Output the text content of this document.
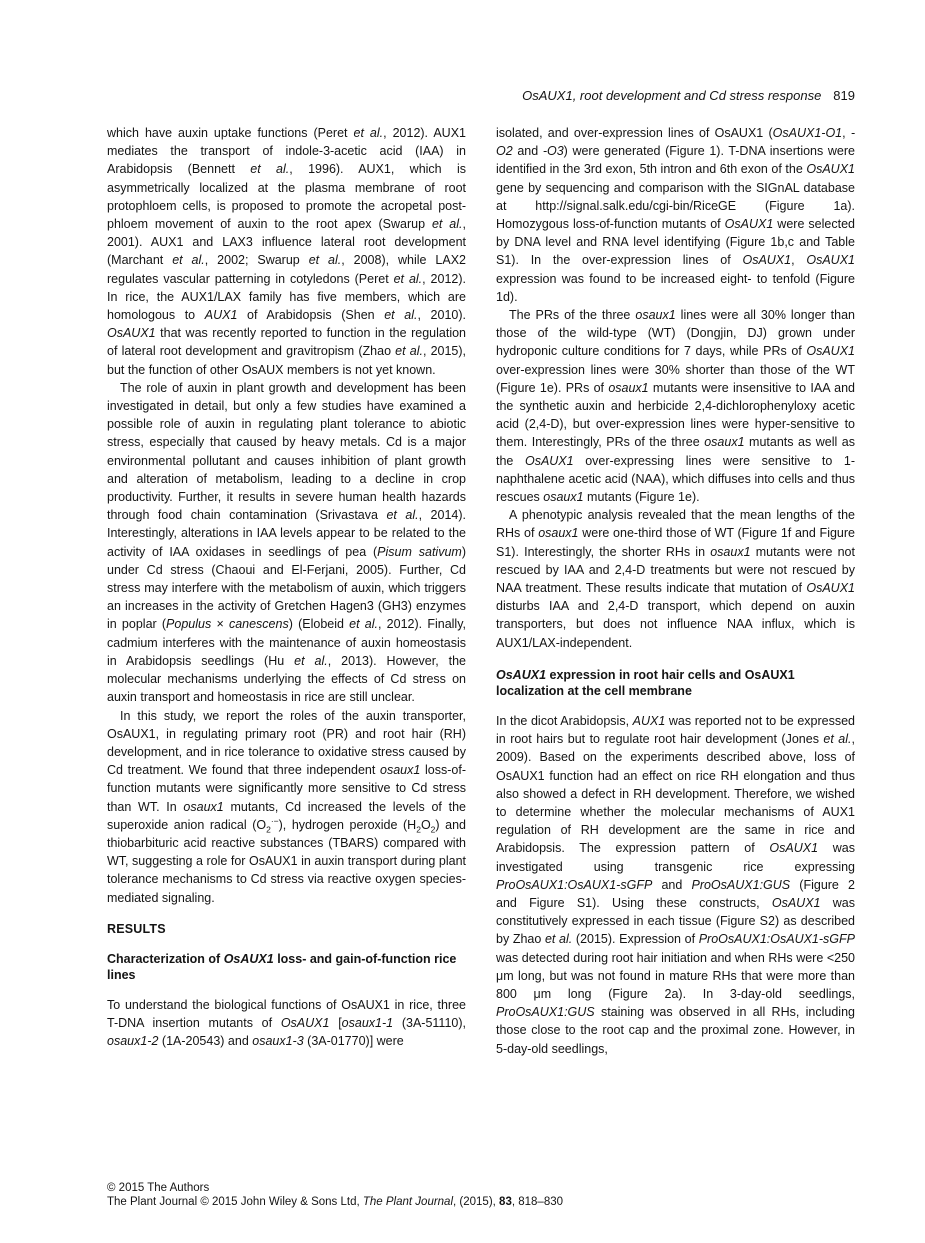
OsAUX1, root development and Cd stress response 819

which have auxin uptake functions (Peret et al., 2012). AUX1 mediates the transport of indole-3-acetic acid (IAA) in Arabidopsis (Bennett et al., 1996). AUX1, which is asymmetrically localized at the plasma membrane of root protophloem cells, is proposed to promote the acropetal post-phloem movement of auxin to the root apex (Swarup et al., 2001). AUX1 and LAX3 influence lateral root development (Marchant et al., 2002; Swarup et al., 2008), while LAX2 regulates vascular patterning in cotyledons (Peret et al., 2012). In rice, the AUX1/LAX family has five members, which are homologous to AUX1 of Arabidopsis (Shen et al., 2010). OsAUX1 that was recently reported to function in the regulation of lateral root development and gravitropism (Zhao et al., 2015), but the function of other OsAUX members is not yet known.

The role of auxin in plant growth and development has been investigated in detail, but only a few studies have examined a possible role of auxin in regulating plant tolerance to abiotic stress, especially that caused by heavy metals. Cd is a major environmental pollutant and causes inhibition of plant growth and alteration of metabolism, leading to a decline in crop productivity. Further, it results in severe human health hazards through food chain contamination (Srivastava et al., 2014). Interestingly, alterations in IAA levels appear to be related to the activity of IAA oxidases in seedlings of pea (Pisum sativum) under Cd stress (Chaoui and El-Ferjani, 2005). Further, Cd stress may interfere with the metabolism of auxin, which triggers an increases in the activity of Gretchen Hagen3 (GH3) enzymes in poplar (Populus × canescens) (Elobeid et al., 2012). Finally, cadmium interferes with the maintenance of auxin homeostasis in Arabidopsis seedlings (Hu et al., 2013). However, the molecular mechanisms underlying the effects of Cd stress on auxin transport and homeostasis in rice are still unclear.

In this study, we report the roles of the auxin transporter, OsAUX1, in regulating primary root (PR) and root hair (RH) development, and in rice tolerance to oxidative stress caused by Cd treatment. We found that three independent osaux1 loss-of-function mutants were significantly more sensitive to Cd stress than WT. In osaux1 mutants, Cd increased the levels of the superoxide anion radical $(O_2^{\cdot-})$, hydrogen peroxide $(H_2O_2)$ and thiobarbituric acid reactive substances (TBARS) compared with WT, suggesting a role for OsAUX1 in auxin transport during plant tolerance mechanisms to Cd stress via reactive oxygen species-mediated signaling.

RESULTS
Characterization of OsAUX1 loss- and gain-of-function rice lines

To understand the biological functions of OsAUX1 in rice, three T-DNA insertion mutants of OsAUX1 [osaux1-1 (3A-51110), osaux1-2 (1A-20543) and osaux1-3 (3A-01770)] were

isolated, and over-expression lines of OsAUX1 (OsAUX1-O1, -O2 and -O3) were generated (Figure 1). T-DNA insertions were identified in the 3rd exon, 5th intron and 6th exon of the OsAUX1 gene by sequencing and comparison with the SIGnAL database at http://signal.salk.edu/cgi-bin/RiceGE (Figure 1a). Homozygous loss-of-function mutants of OsAUX1 were selected by DNA level and RNA level identifying (Figure 1b,c and Table S1). In the over-expression lines of OsAUX1, OsAUX1 expression was found to be increased eight- to tenfold (Figure 1d).

The PRs of the three osaux1 lines were all 30% longer than those of the wild-type (WT) (Dongjin, DJ) grown under hydroponic culture conditions for 7 days, while PRs of OsAUX1 over-expression lines were 30% shorter than those of the WT (Figure 1e). PRs of osaux1 mutants were insensitive to IAA and the synthetic auxin and herbicide 2,4-dichlorophenyloxy acetic acid (2,4-D), but over-expression lines were hyper-sensitive to them. Interestingly, PRs of the three osaux1 mutants as well as the OsAUX1 over-expressing lines were sensitive to 1-naphthalene acetic acid (NAA), which diffuses into cells and thus rescues osaux1 mutants (Figure 1e).

A phenotypic analysis revealed that the mean lengths of the RHs of osaux1 were one-third those of WT (Figure 1f and Figure S1). Interestingly, the shorter RHs in osaux1 mutants were not rescued by IAA and 2,4-D treatments but were not rescued by NAA treatment. These results indicate that mutation of OsAUX1 disturbs IAA and 2,4-D transport, which depend on auxin transporters, but does not influence NAA influx, which is AUX1/LAX-independent.

OsAUX1 expression in root hair cells and OsAUX1 localization at the cell membrane

In the dicot Arabidopsis, AUX1 was reported not to be expressed in root hairs but to regulate root hair development (Jones et al., 2009). Based on the experiments described above, loss of OsAUX1 function had an effect on rice RH elongation and thus also showed a defect in RH development. Therefore, we wished to determine whether the molecular mechanisms of AUX1 regulation of RH development are the same in rice and Arabidopsis. The expression pattern of OsAUX1 was investigated using transgenic rice expressing ProOsAUX1:OsAUX1-sGFP and ProOsAUX1:GUS (Figure 2 and Figure S1). Using these constructs, OsAUX1 was constitutively expressed in each tissue (Figure S2) as described by Zhao et al. (2015). Expression of ProOsAUX1:OsAUX1-sGFP was detected during root hair initiation and when RHs were <250 μm long, but was not found in mature RHs that were more than 800 μm long (Figure 2a). In 3-day-old seedlings, ProOsAUX1:GUS staining was observed in all RHs, including those close to the root cap and the proximal zone. However, in 5-day-old seedlings,

© 2015 The Authors
The Plant Journal © 2015 John Wiley & Sons Ltd, The Plant Journal, (2015), 83, 818–830
